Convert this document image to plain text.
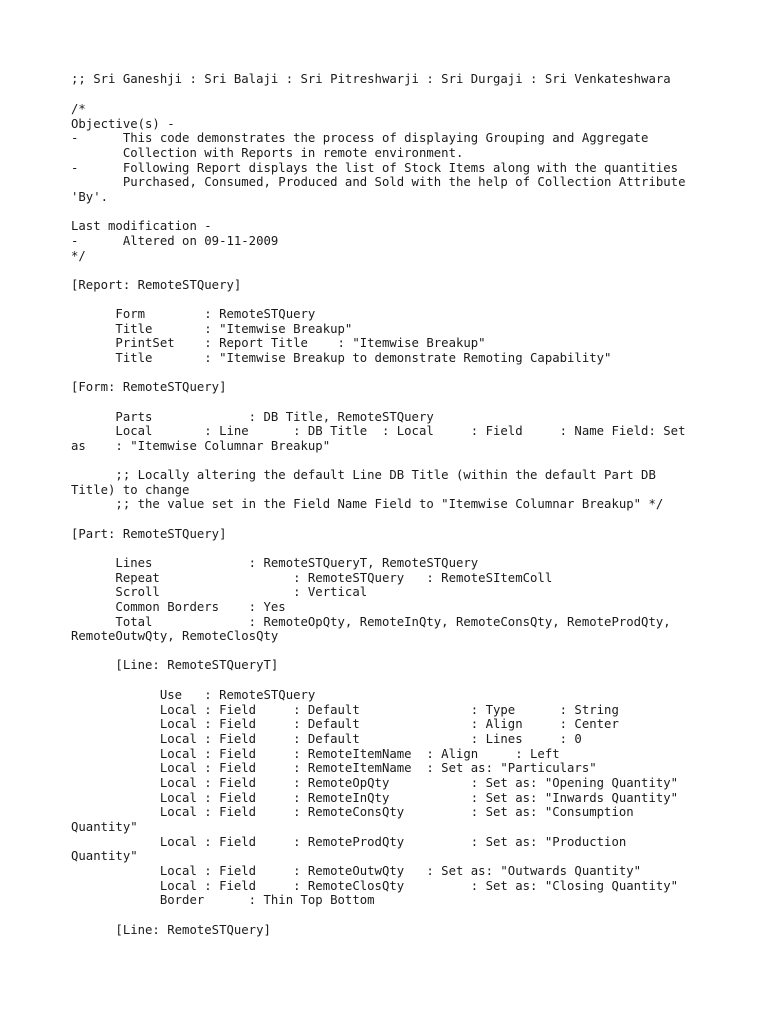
;; Sri Ganeshji : Sri Balaji : Sri Pitreshwarji : Sri Durgaji : Sri Venkateshwara
/*
Objective(s) -
-      This code demonstrates the process of displaying Grouping and Aggregate
Collection with Reports in remote environment.
-      Following Report displays the list of Stock Items along with the quantities
Purchased, Consumed, Produced and Sold with the help of Collection Attribute
'By'.
Last modification -
-      Altered on 09-11-2009
*/
[Report: RemoteSTQuery]
Form        : RemoteSTQuery
Title       : "Itemwise Breakup"
PrintSet    : Report Title    : "Itemwise Breakup"
Title       : "Itemwise Breakup to demonstrate Remoting Capability"
[Form: RemoteSTQuery]
Parts             : DB Title, RemoteSTQuery
Local       : Line      : DB Title  : Local     : Field     : Name Field: Set
as    : "Itemwise Columnar Breakup"
;; Locally altering the default Line DB Title (within the default Part DB
Title) to change
;; the value set in the Field Name Field to "Itemwise Columnar Breakup" */
[Part: RemoteSTQuery]
Lines             : RemoteSTQueryT, RemoteSTQuery
Repeat                  : RemoteSTQuery   : RemoteSItemColl
Scroll                  : Vertical
Common Borders    : Yes
Total             : RemoteOpQty, RemoteInQty, RemoteConsQty, RemoteProdQty,
RemoteOutwQty, RemoteClosQty
[Line: RemoteSTQueryT]
Use   : RemoteSTQuery
Local : Field     : Default               : Type      : String
Local : Field     : Default               : Align     : Center
Local : Field     : Default               : Lines     : 0
Local : Field     : RemoteItemName  : Align     : Left
Local : Field     : RemoteItemName  : Set as: "Particulars"
Local : Field     : RemoteOpQty           : Set as: "Opening Quantity"
Local : Field     : RemoteInQty           : Set as: "Inwards Quantity"
Local : Field     : RemoteConsQty         : Set as: "Consumption
Quantity"
Local : Field     : RemoteProdQty         : Set as: "Production
Quantity"
Local : Field     : RemoteOutwQty   : Set as: "Outwards Quantity"
Local : Field     : RemoteClosQty         : Set as: "Closing Quantity"
Border      : Thin Top Bottom
[Line: RemoteSTQuery]
